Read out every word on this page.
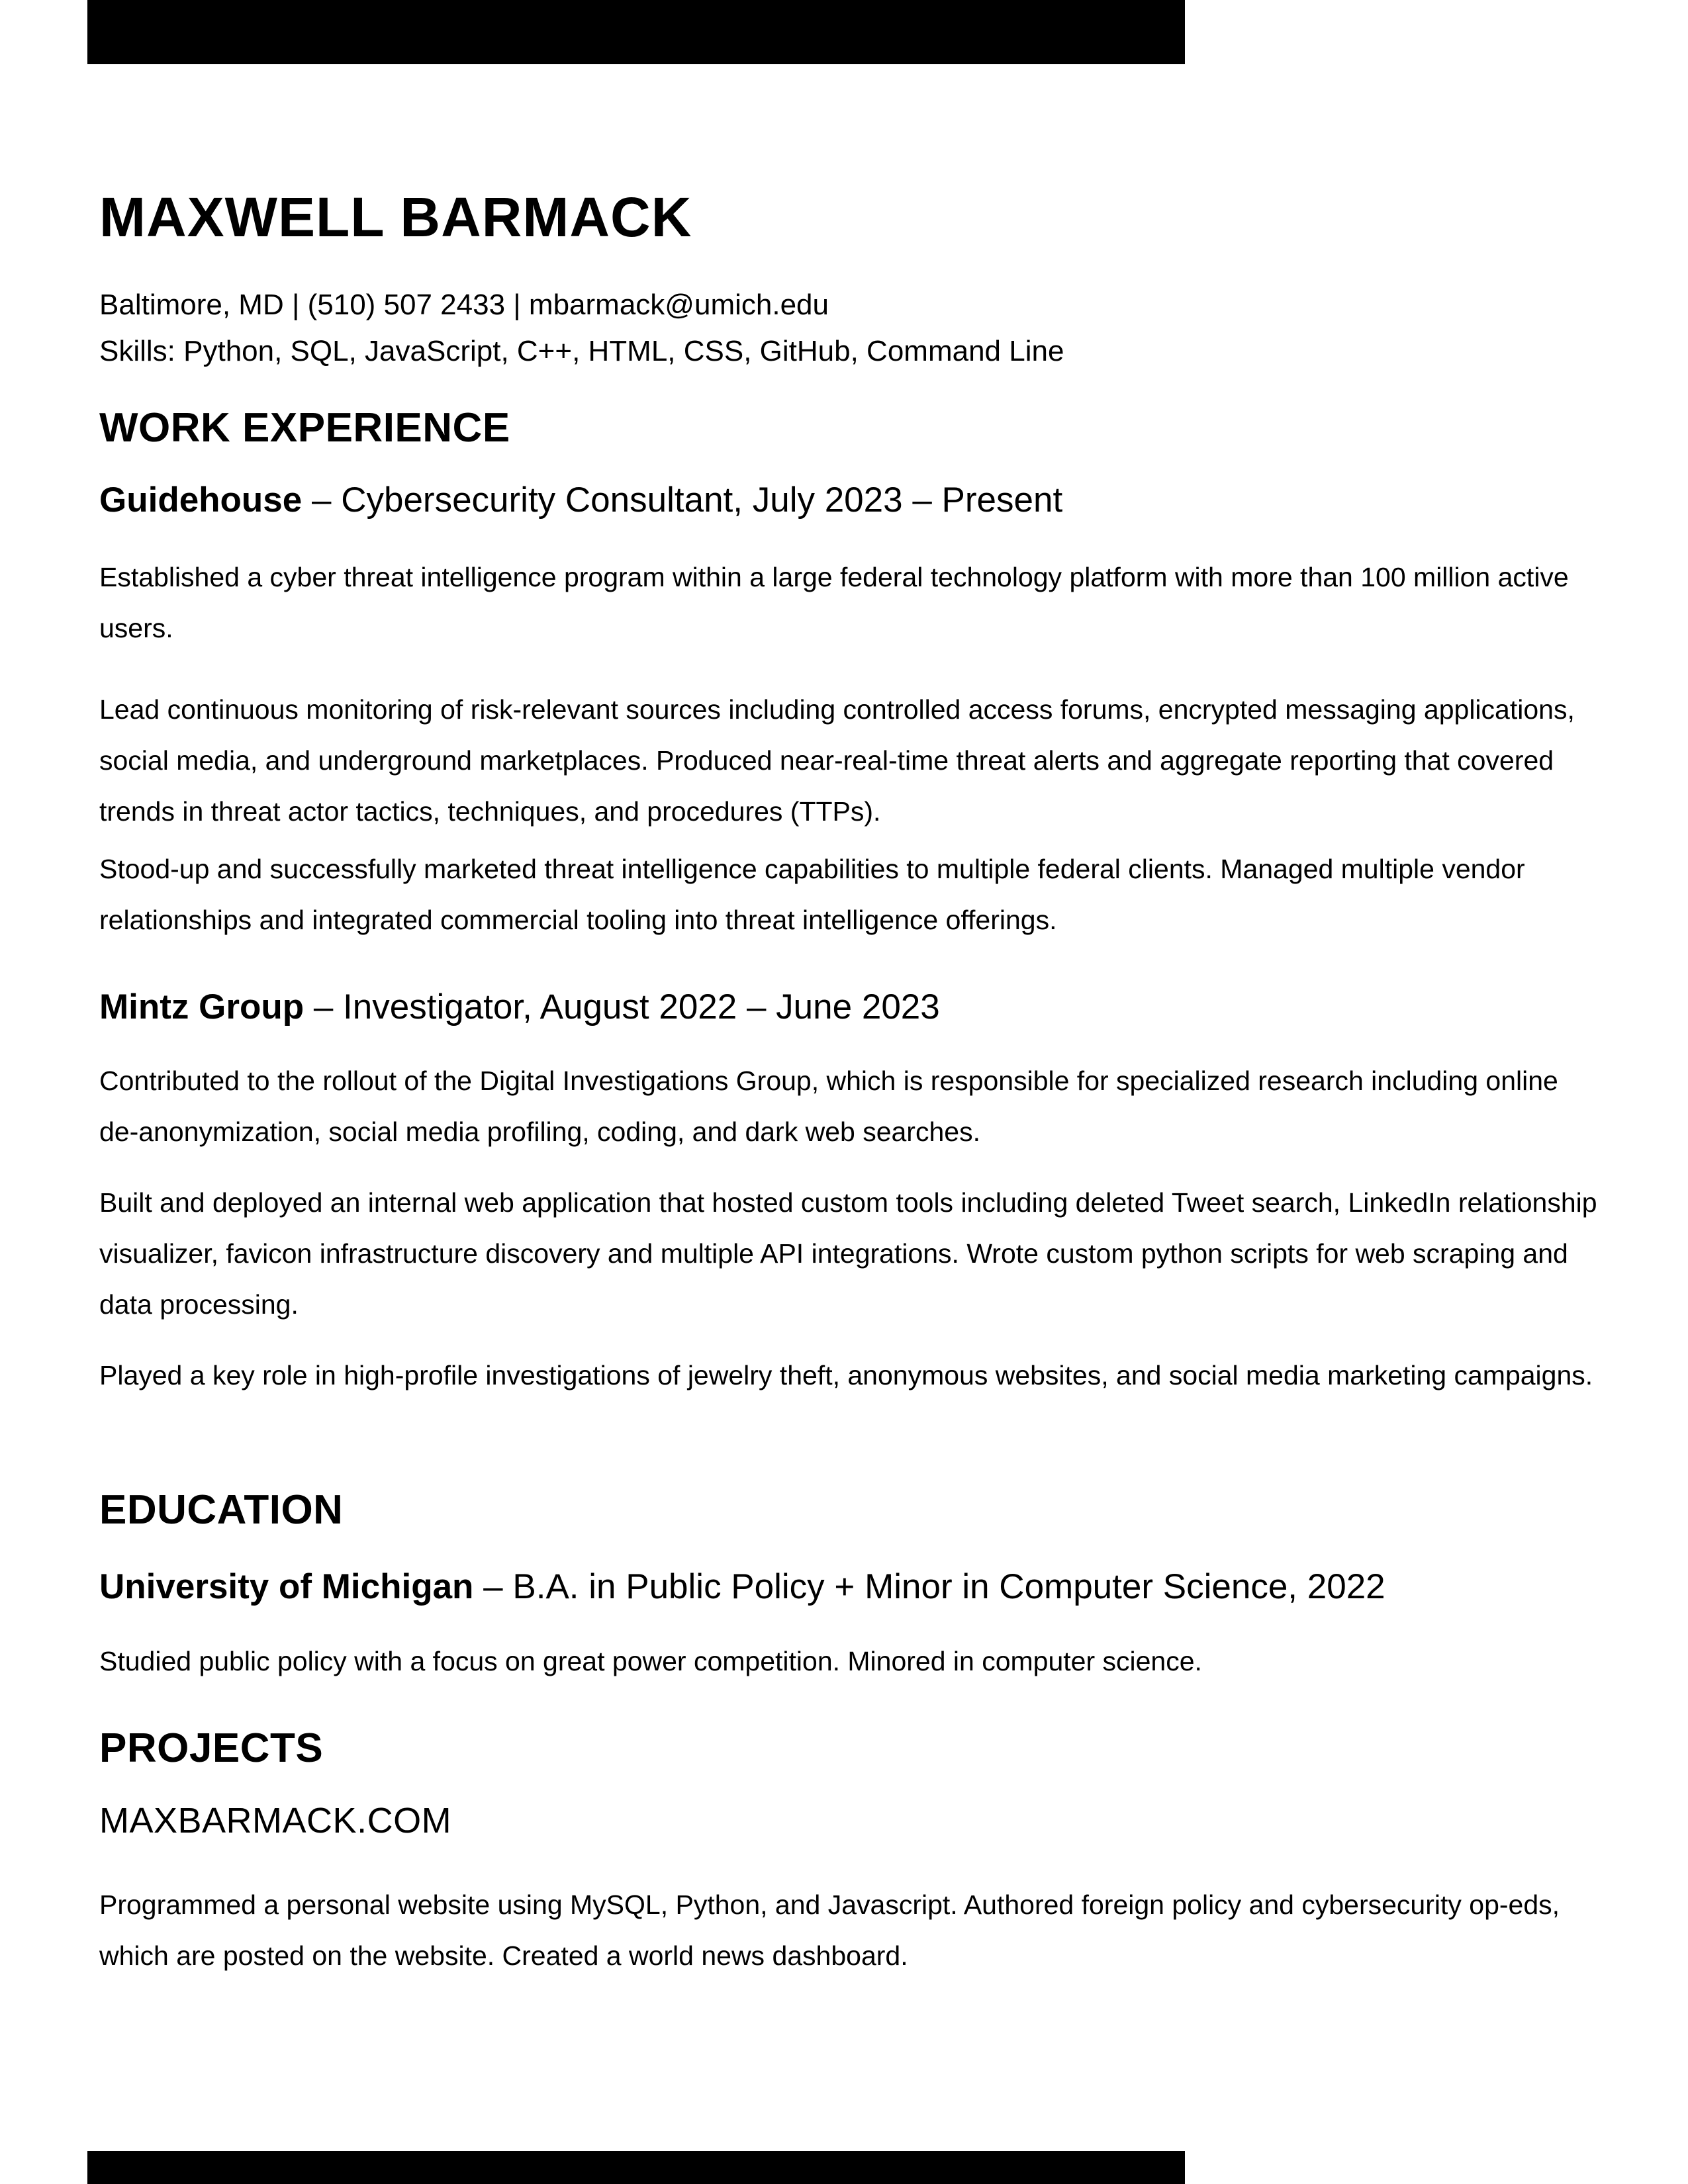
MAXWELL BARMACK
Baltimore, MD | (510) 507 2433 | mbarmack@umich.edu
Skills: Python, SQL, JavaScript, C++, HTML, CSS, GitHub, Command Line
WORK EXPERIENCE
Guidehouse – Cybersecurity Consultant, July 2023 – Present

Established a cyber threat intelligence program within a large federal technology platform with more than 100 million active users.

Lead continuous monitoring of risk-relevant sources including controlled access forums, encrypted messaging applications, social media, and underground marketplaces. Produced near-real-time threat alerts and aggregate reporting that covered trends in threat actor tactics, techniques, and procedures (TTPs).

Stood-up and successfully marketed threat intelligence capabilities to multiple federal clients. Managed multiple vendor relationships and integrated commercial tooling into threat intelligence offerings.

Mintz Group – Investigator, August 2022 – June 2023

Contributed to the rollout of the Digital Investigations Group, which is responsible for specialized research including online de-anonymization, social media profiling, coding, and dark web searches.

Built and deployed an internal web application that hosted custom tools including deleted Tweet search, LinkedIn relationship visualizer, favicon infrastructure discovery and multiple API integrations. Wrote custom python scripts for web scraping and data processing.

Played a key role in high-profile investigations of jewelry theft, anonymous websites, and social media marketing campaigns.

EDUCATION
University of Michigan – B.A. in Public Policy + Minor in Computer Science, 2022

Studied public policy with a focus on great power competition. Minored in computer science.

PROJECTS
MAXBARMACK.COM

Programmed a personal website using MySQL, Python, and Javascript. Authored foreign policy and cybersecurity op-eds, which are posted on the website. Created a world news dashboard.
